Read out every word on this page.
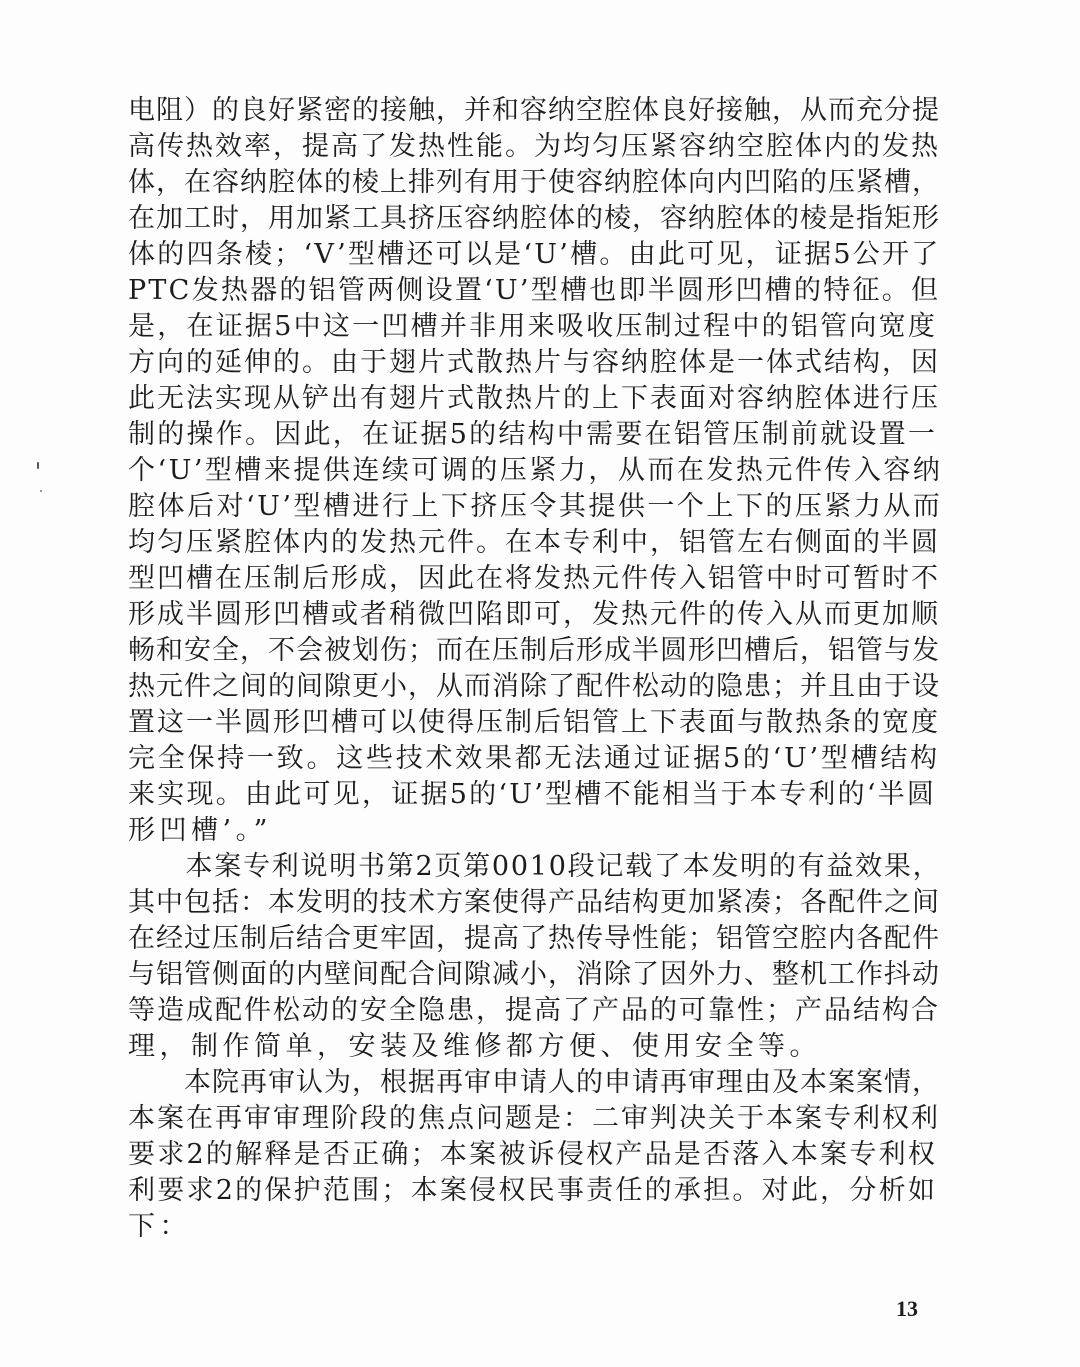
电阻）的良好紧密的接触，并和容纳空腔体良好接触，从而充分提
高传热效率，提高了发热性能。为均匀压紧容纳空腔体内的发热
体，在容纳腔体的棱上排列有用于使容纳腔体向内凹陷的压紧槽，
在加工时，用加紧工具挤压容纳腔体的棱，容纳腔体的棱是指矩形
体的四条棱；‘V’型槽还可以是‘U’槽。由此可见，证据5公开了
PTC发热器的铝管两侧设置‘U’型槽也即半圆形凹槽的特征。但
是，在证据5中这一凹槽并非用来吸收压制过程中的铝管向宽度
方向的延伸的。由于翅片式散热片与容纳腔体是一体式结构，因
此无法实现从铲出有翅片式散热片的上下表面对容纳腔体进行压
制的操作。因此，在证据5的结构中需要在铝管压制前就设置一
个‘U’型槽来提供连续可调的压紧力，从而在发热元件传入容纳
腔体后对‘U’型槽进行上下挤压令其提供一个上下的压紧力从而
均匀压紧腔体内的发热元件。在本专利中，铝管左右侧面的半圆
型凹槽在压制后形成，因此在将发热元件传入铝管中时可暂时不
形成半圆形凹槽或者稍微凹陷即可，发热元件的传入从而更加顺
畅和安全，不会被划伤；而在压制后形成半圆形凹槽后，铝管与发
热元件之间的间隙更小，从而消除了配件松动的隐患；并且由于设
置这一半圆形凹槽可以使得压制后铝管上下表面与散热条的宽度
完全保持一致。这些技术效果都无法通过证据5的‘U’型槽结构
来实现。由此可见，证据5的‘U’型槽不能相当于本专利的‘半圆
形凹槽’。”
　　本案专利说明书第2页第0010段记载了本发明的有益效果，
其中包括：本发明的技术方案使得产品结构更加紧凑；各配件之间
在经过压制后结合更牢固，提高了热传导性能；铝管空腔内各配件
与铝管侧面的内壁间配合间隙减小，消除了因外力、整机工作抖动
等造成配件松动的安全隐患，提高了产品的可靠性；产品结构合
理，制作简单，安装及维修都方便、使用安全等。
　　本院再审认为，根据再审申请人的申请再审理由及本案案情，
本案在再审审理阶段的焦点问题是：二审判决关于本案专利权利
要求2的解释是否正确；本案被诉侵权产品是否落入本案专利权
利要求2的保护范围；本案侵权民事责任的承担。对此，分析如
下：
13
